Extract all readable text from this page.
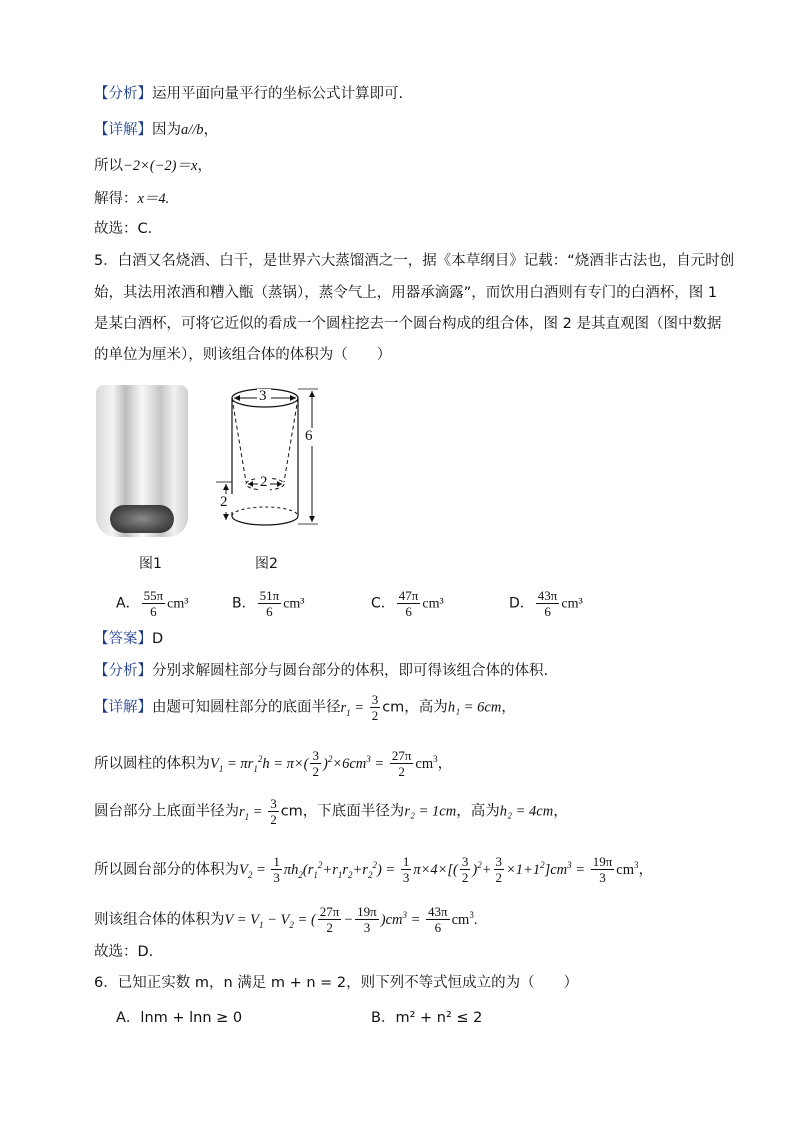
【分析】运用平面向量平行的坐标公式计算即可.
【详解】因为a//b，
所以−2×(−2)＝x，
解得：x＝4.
故选：C.
5．白酒又名烧酒、白干，是世界六大蒸馏酒之一，据《本草纲目》记载：“烧酒非古法也，自元时创
始，其法用浓酒和糟入甑（蒸锅），蒸令气上，用器承滴露”，而饮用白酒则有专门的白酒杯，图 1
是某白酒杯，可将它近似的看成一个圆柱挖去一个圆台构成的组合体，图 2 是其直观图（图中数据
的单位为厘米），则该组合体的体积为（　　）
图1
3
2
6
2
图2
A． $\frac{55\pi}{6} cm^3$	B． $\frac{51\pi}{6} cm^3$	C． $\frac{47\pi}{6} cm^3$	D． $\frac{43\pi}{6} cm^3$
【答案】D
【分析】分别求解圆柱部分与圆台部分的体积，即可得该组合体的体积.
【详解】由题可知圆柱部分的底面半径$r_1 = \frac{3}{2}$ cm，高为h₁ = 6cm，
所以圆柱的体积为$V_1 = \pi r_1^2h = \pi\times( \frac{3}{2} )^2\times 6cm^3 = \frac{27\pi}{2} cm^3$，
圆台部分上底面半径为$r_1 = \frac{3}{2}$ cm，下底面半径为r₂ = 1cm，高为h₂ = 4cm，
所以圆台部分的体积为$V_2 = \frac{1}{3} \pi h_2(r_1^2+r_1r_2+r_2^2) = \frac{1}{3} \pi\times 4\times[( \frac{3}{2} )^2+ \frac{3}{2} \times 1+1^2]cm^3 = \frac{19\pi}{3} cm^3$，
则该组合体的体积为$V = V_1 - V_2$ = ( $\frac{27\pi}{2} - \frac{19\pi}{3} )cm^3 = \frac{43\pi}{6} cm^3$.
故选：D.
6．已知正实数 m，n 满足 m + n = 2，则下列不等式恒成立的为（　　）
A．lnm + lnn ≥ 0	B．m² + n² ≤ 2
